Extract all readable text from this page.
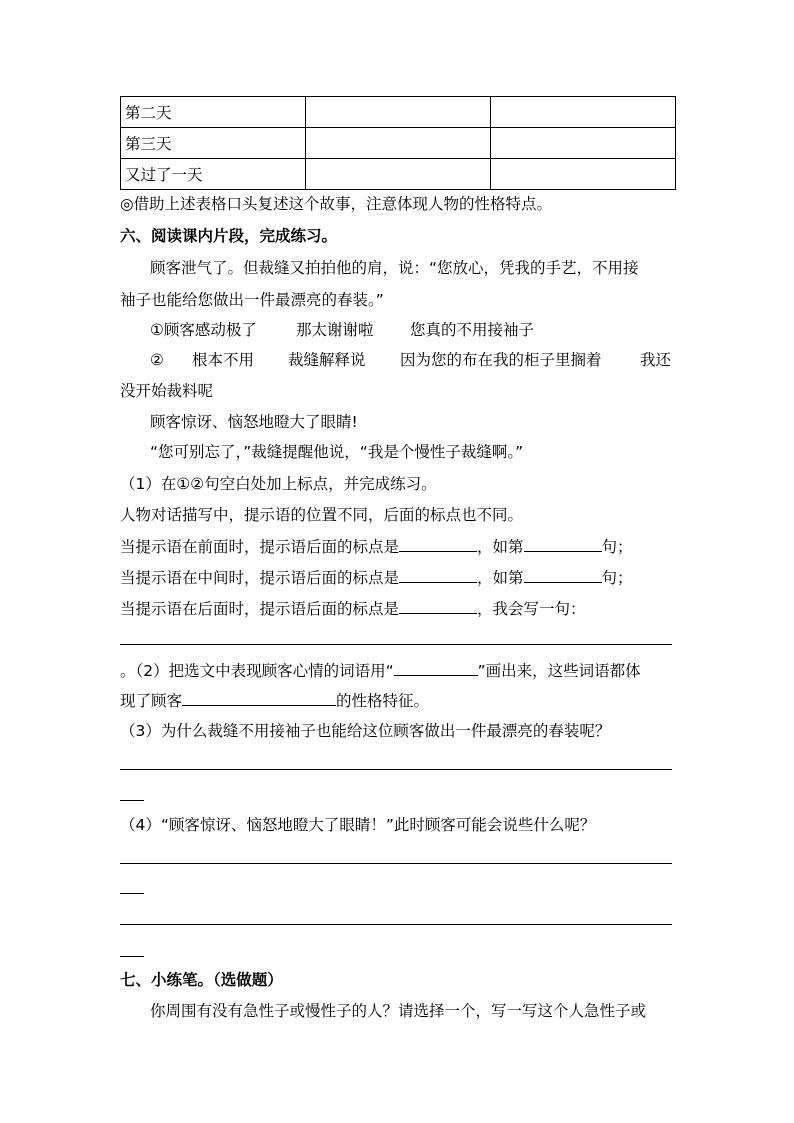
第二天		
第三天		
又过了一天		
◎借助上述表格口头复述这个故事，注意体现人物的性格特点。
六、阅读课内片段，完成练习。
顾客泄气了。但裁缝又拍拍他的肩，说：“您放心，凭我的手艺，不用接
袖子也能给您做出一件最漂亮的春装。”
①顾客感动极了	那太谢谢啦 您真的不用接袖子
② 根本不用 裁缝解释说 因为您的布在我的柜子里搁着 我还
没开始裁料呢
顾客惊讶、恼怒地瞪大了眼睛!
“您可别忘了，”裁缝提醒他说，“我是个慢性子裁缝啊。”
（1）在①②句空白处加上标点，并完成练习。
人物对话描写中，提示语的位置不同，后面的标点也不同。
当提示语在前面时，提示语后面的标点是	，如第	句；
当提示语在中间时，提示语后面的标点是	，如第	句；
当提示语在后面时，提示语后面的标点是	，我会写一句：
。（2）把选文中表现顾客心情的词语用“	”画出来，这些词语都体
现了顾客	的性格特征。
（3）为什么裁缝不用接袖子也能给这位顾客做出一件最漂亮的春装呢？
（4）“顾客惊讶、恼怒地瞪大了眼睛！”此时顾客可能会说些什么呢？
七、小练笔。（选做题）
你周围有没有急性子或慢性子的人？请选择一个，写一写这个人急性子或
